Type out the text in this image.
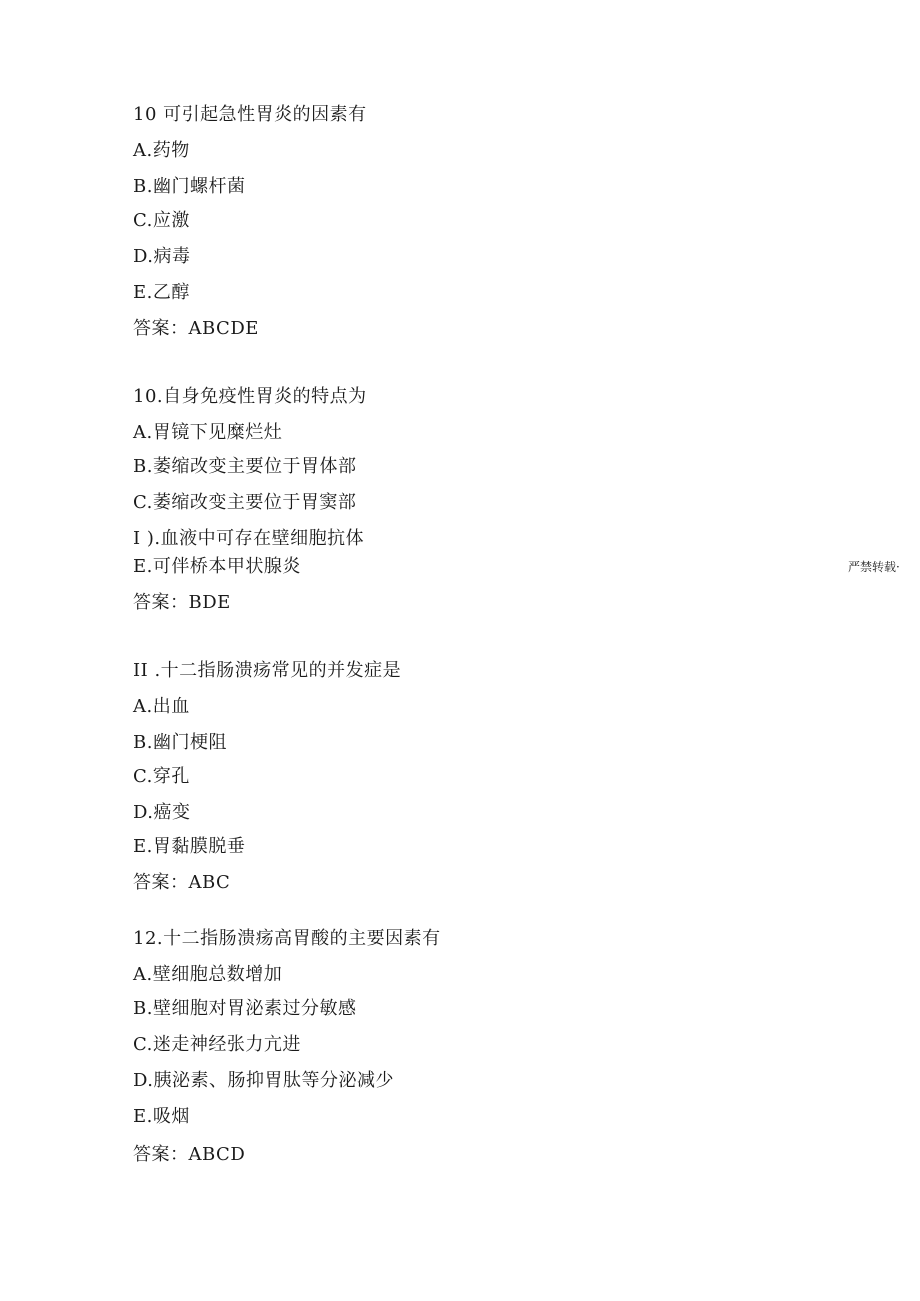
10 可引起急性胃炎的因素有
A.药物
B.幽门螺杆菌
C.应激
D.病毒
E.乙醇
答案：ABCDE
10.自身免疫性胃炎的特点为
A.胃镜下见糜烂灶
B.萎缩改变主要位于胃体部
C.萎缩改变主要位于胃窦部
I ).血液中可存在壁细胞抗体
E.可伴桥本甲状腺炎
答案：BDE
严禁转载·
II .十二指肠溃疡常见的并发症是
A.出血
B.幽门梗阻
C.穿孔
D.癌变
E.胃黏膜脱垂
答案：ABC
12.十二指肠溃疡高胃酸的主要因素有
A.壁细胞总数增加
B.壁细胞对胃泌素过分敏感
C.迷走神经张力亢进
D.胰泌素、肠抑胃肽等分泌减少
E.吸烟
答案：ABCD
